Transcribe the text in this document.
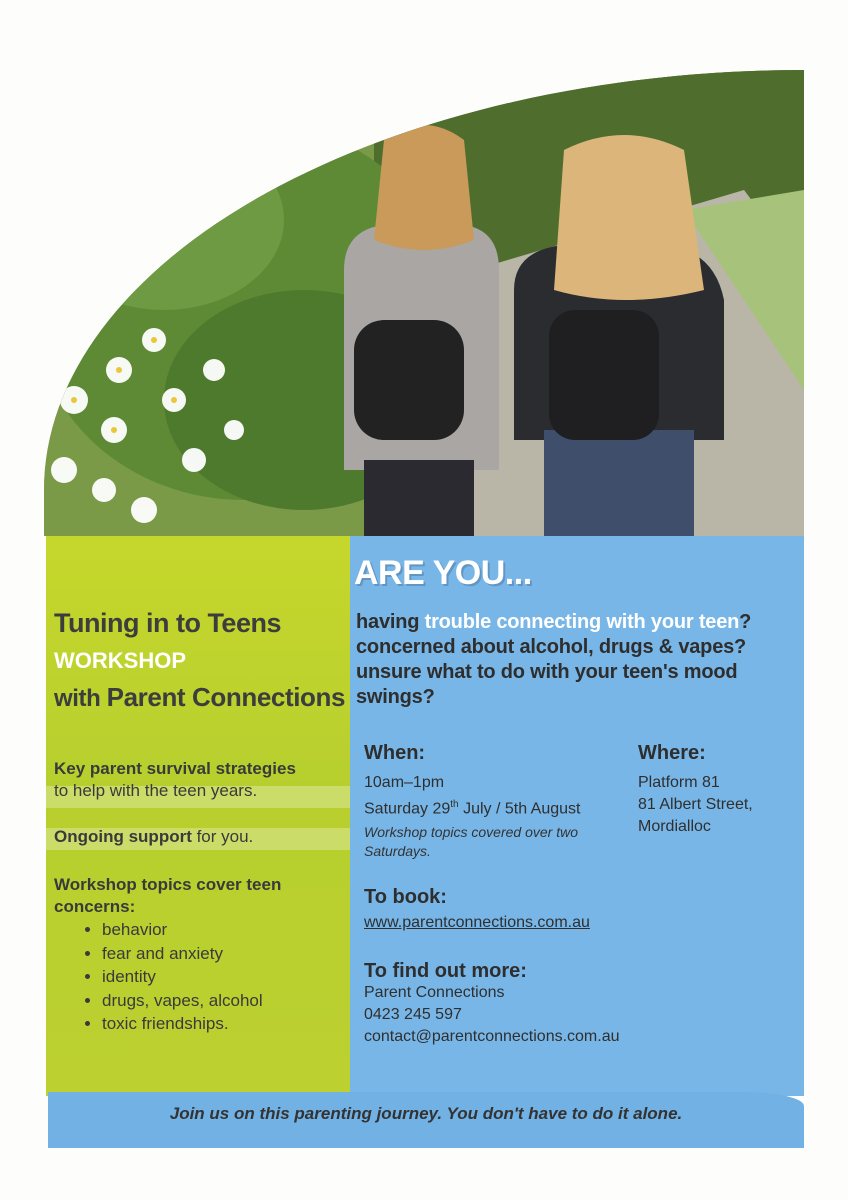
Tuning in to Teens
WORKSHOP
with Parent Connections
Key parent survival strategies
to help with the teen years.
Ongoing support for you.
Workshop topics cover teen concerns:
• behavior
• fear and anxiety
• identity
• drugs, vapes, alcohol
• toxic friendships.
ARE YOU...
having trouble connecting with your teen?
concerned about alcohol, drugs & vapes?
unsure what to do with your teen's mood swings?
When:
10am–1pm
Saturday 29th July / 5th August
Workshop topics covered over two Saturdays.
Where:
Platform 81
81 Albert Street,
Mordialloc
To book:
www.parentconnections.com.au
To find out more:
Parent Connections
0423 245 597
contact@parentconnections.com.au
Join us on this parenting journey. You don't have to do it alone.
